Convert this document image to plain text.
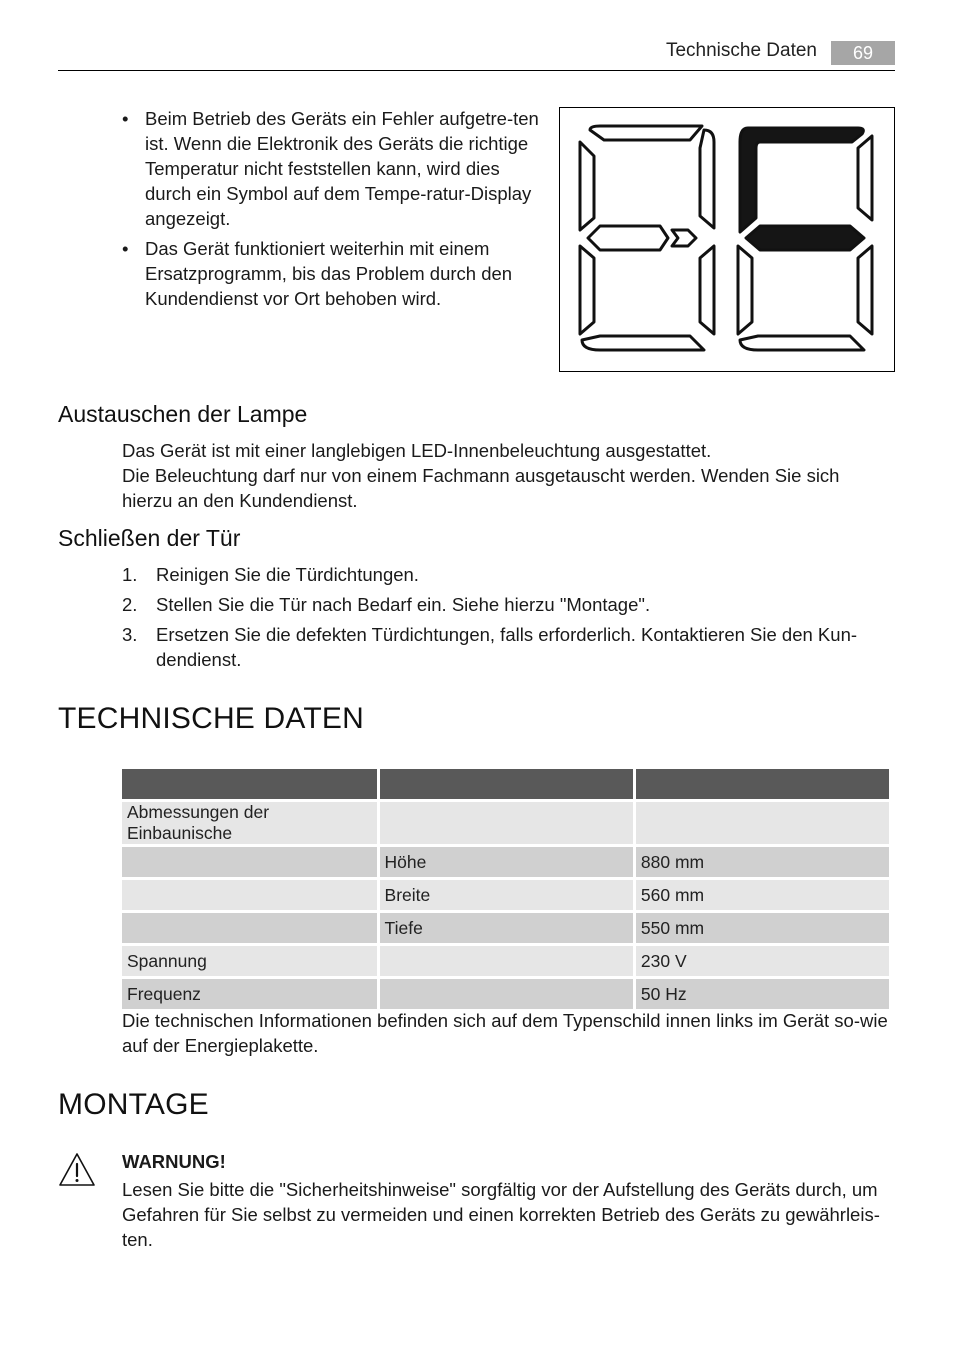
Technische Daten	69
• Beim Betrieb des Geräts ein Fehler aufgetre-ten ist. Wenn die Elektronik des Geräts die richtige Temperatur nicht feststellen kann, wird dies durch ein Symbol auf dem Tempe-ratur-Display angezeigt.
• Das Gerät funktioniert weiterhin mit einem Ersatzprogramm, bis das Problem durch den Kundendienst vor Ort behoben wird.
Austauschen der Lampe

Das Gerät ist mit einer langlebigen LED-Innenbeleuchtung ausgestattet.

Die Beleuchtung darf nur von einem Fachmann ausgetauscht werden. Wenden Sie sich hierzu an den Kundendienst.

Schließen der Tür
1. Reinigen Sie die Türdichtungen.
2. Stellen Sie die Tür nach Bedarf ein. Siehe hierzu "Montage".
3. Ersetzen Sie die defekten Türdichtungen, falls erforderlich. Kontaktieren Sie den Kun-dendienst.
TECHNISCHE DATEN

Abmessungen der Einbaunische		
	Höhe	880 mm
	Breite	560 mm
	Tiefe	550 mm
Spannung		230 V
Frequenz		50 Hz

Die technischen Informationen befinden sich auf dem Typenschild innen links im Gerät so-wie auf der Energieplakette.

MONTAGE
WARNUNG!

Lesen Sie bitte die "Sicherheitshinweise" sorgfältig vor der Aufstellung des Geräts durch, um Gefahren für Sie selbst zu vermeiden und einen korrekten Betrieb des Geräts zu gewährleis-ten.
